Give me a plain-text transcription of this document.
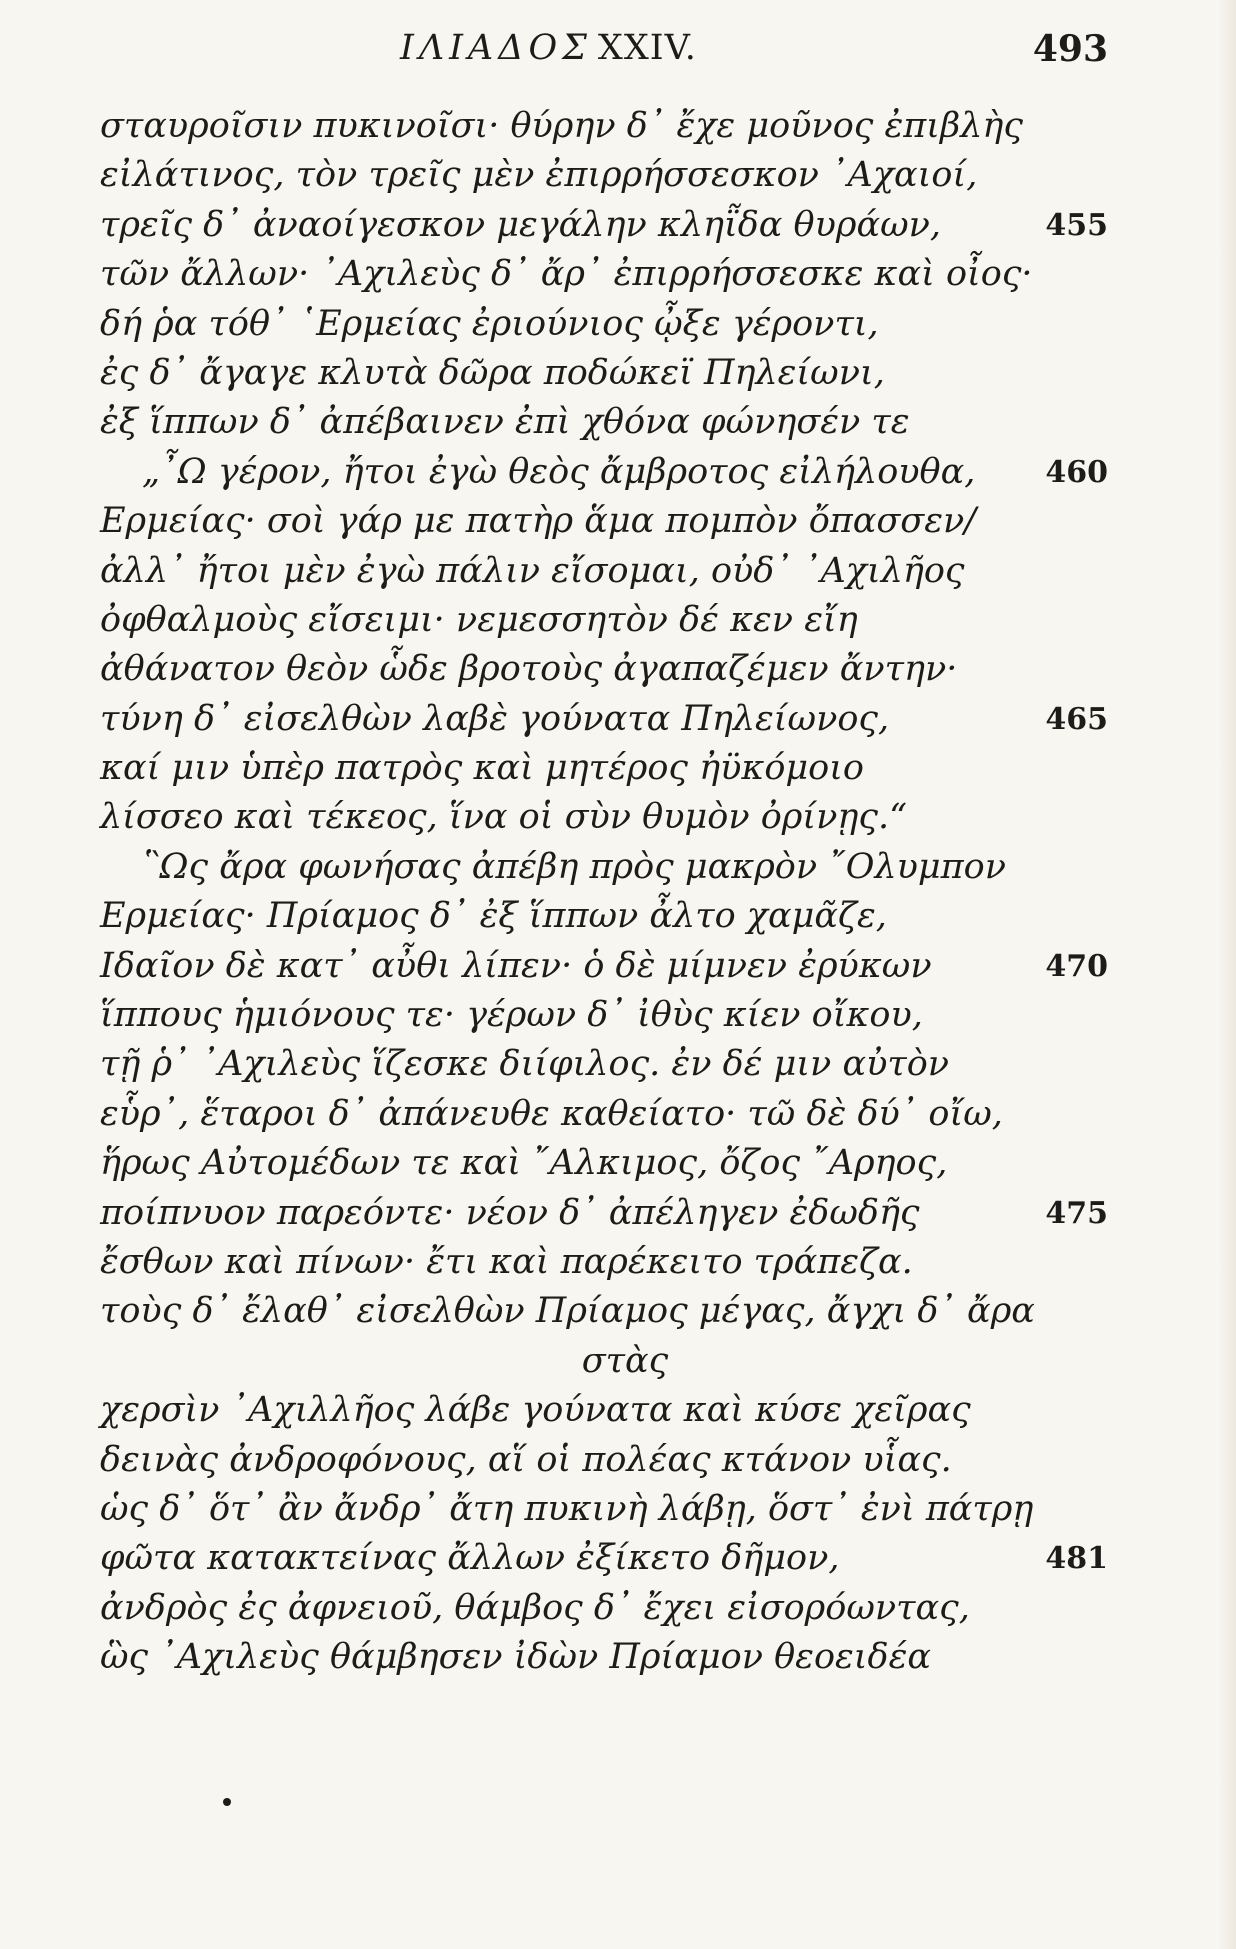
ΙΛΙΑΔΟΣ XXIV.	493
σταυροῖσιν πυκινοῖσι· θύρην δ᾽ ἔχε μοῦνος ἐπιβλὴς
εἰλάτινος, τὸν τρεῖς μὲν ἐπιρρήσσεσκον ᾽Αχαιοί,
τρεῖς δ᾽ ἀναοίγεσκον μεγάλην κληῗδα θυράων,	455
τῶν ἄλλων· ᾽Αχιλεὺς δ᾽ ἄρ᾽ ἐπιρρήσσεσκε καὶ οἶος·
δή ῥα τόθ᾽ ῾Ερμείας ἐριούνιος ᾦξε γέροντι,
ἐς δ᾽ ἄγαγε κλυτὰ δῶρα ποδώκεϊ Πηλείωνι,
ἐξ ἵππων δ᾽ ἀπέβαινεν ἐπὶ χθόνα φώνησέν τε
„῏Ω γέρον, ἤτοι ἐγὼ θεὸς ἄμβροτος εἰλήλουθα, 460
Ερμείας· σοὶ γάρ με πατὴρ ἅμα πομπὸν ὄπασσεν/
ἀλλ᾽ ἤτοι μὲν ἐγὼ πάλιν εἴσομαι, οὐδ᾽ ᾽Αχιλῆος
ὀφθαλμοὺς εἴσειμι· νεμεσσητὸν δέ κεν εἴη
ἀθάνατον θεὸν ὧδε βροτοὺς ἀγαπαζέμεν ἄντην·
τύνη δ᾽ εἰσελθὼν λαβὲ γούνατα Πηλείωνος,	465
καί μιν ὑπὲρ πατρὸς καὶ μητέρος ἠϋκόμοιο
λίσσεο καὶ τέκεος, ἵνα οἱ σὺν θυμὸν ὀρίνῃς.“
῝Ως ἄρα φωνήσας ἀπέβη πρὸς μακρὸν ῎Ολυμπον
Ερμείας· Πρίαμος δ᾽ ἐξ ἵππων ἆλτο χαμᾶζε,
Ιδαῖον δὲ κατ᾽ αὖθι λίπεν· ὁ δὲ μίμνεν ἐρύκων	470
ἵππους ἡμιόνους τε· γέρων δ᾽ ἰθὺς κίεν οἴκου,
τῇ ῥ᾽ ᾽Αχιλεὺς ἵζεσκε διίφιλος. ἐν δέ μιν αὐτὸν
εὗρ᾽, ἕταροι δ᾽ ἀπάνευθε καθείατο· τῶ δὲ δύ᾽ οἴω,
ἥρως Αὐτομέδων τε καὶ ῎Αλκιμος, ὄζος ῎Αρηος,
ποίπνυον παρεόντε· νέον δ᾽ ἀπέληγεν ἐδωδῆς	475
ἔσθων καὶ πίνων· ἔτι καὶ παρέκειτο τράπεζα.
τοὺς δ᾽ ἔλαθ᾽ εἰσελθὼν Πρίαμος μέγας, ἄγχι δ᾽ ἄρα
στὰς
χερσὶν ᾽Αχιλλῆος λάβε γούνατα καὶ κύσε χεῖρας
δεινὰς ἀνδροφόνους, αἵ οἱ πολέας κτάνον υἷας.
ὡς δ᾽ ὅτ᾽ ἂν ἄνδρ᾽ ἄτη πυκινὴ λάβῃ, ὅστ᾽ ἐνὶ πάτρῃ
φῶτα κατακτείνας ἄλλων ἐξίκετο δῆμον,	481
ἀνδρὸς ἐς ἀφνειοῦ, θάμβος δ᾽ ἔχει εἰσορόωντας,
ὣς ᾽Αχιλεὺς θάμβησεν ἰδὼν Πρίαμον θεοειδέα
